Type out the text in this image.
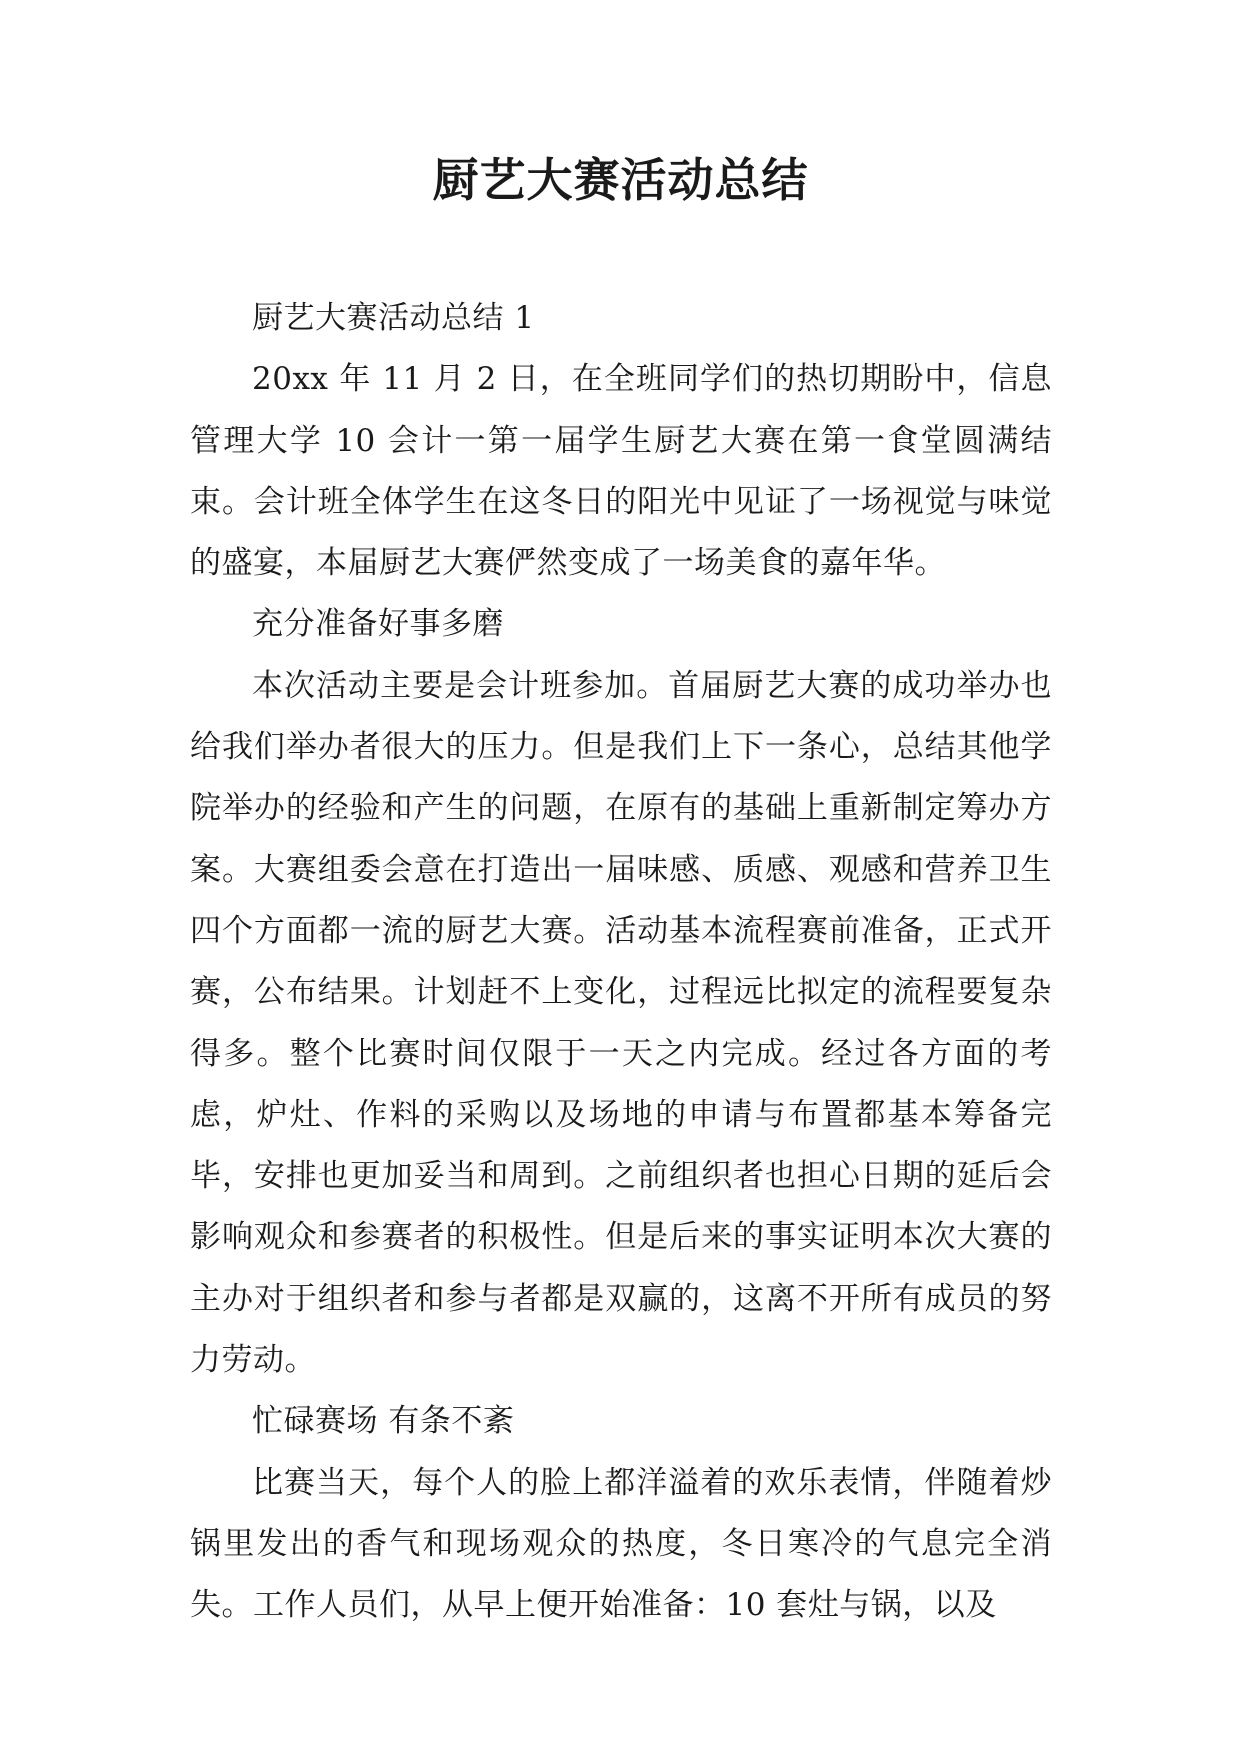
厨艺大赛活动总结

厨艺大赛活动总结 1

20xx 年 11 月 2 日，在全班同学们的热切期盼中，信息管理大学 10 会计一第一届学生厨艺大赛在第一食堂圆满结束。会计班全体学生在这冬日的阳光中见证了一场视觉与味觉的盛宴，本届厨艺大赛俨然变成了一场美食的嘉年华。

充分准备好事多磨

本次活动主要是会计班参加。首届厨艺大赛的成功举办也给我们举办者很大的压力。但是我们上下一条心，总结其他学院举办的经验和产生的问题，在原有的基础上重新制定筹办方案。大赛组委会意在打造出一届味感、质感、观感和营养卫生四个方面都一流的厨艺大赛。活动基本流程赛前准备，正式开赛，公布结果。计划赶不上变化，过程远比拟定的流程要复杂得多。整个比赛时间仅限于一天之内完成。经过各方面的考虑，炉灶、作料的采购以及场地的申请与布置都基本筹备完毕，安排也更加妥当和周到。之前组织者也担心日期的延后会影响观众和参赛者的积极性。但是后来的事实证明本次大赛的主办对于组织者和参与者都是双赢的，这离不开所有成员的努力劳动。

忙碌赛场 有条不紊

比赛当天，每个人的脸上都洋溢着的欢乐表情，伴随着炒锅里发出的香气和现场观众的热度，冬日寒冷的气息完全消失。工作人员们，从早上便开始准备：10 套灶与锅，以及
